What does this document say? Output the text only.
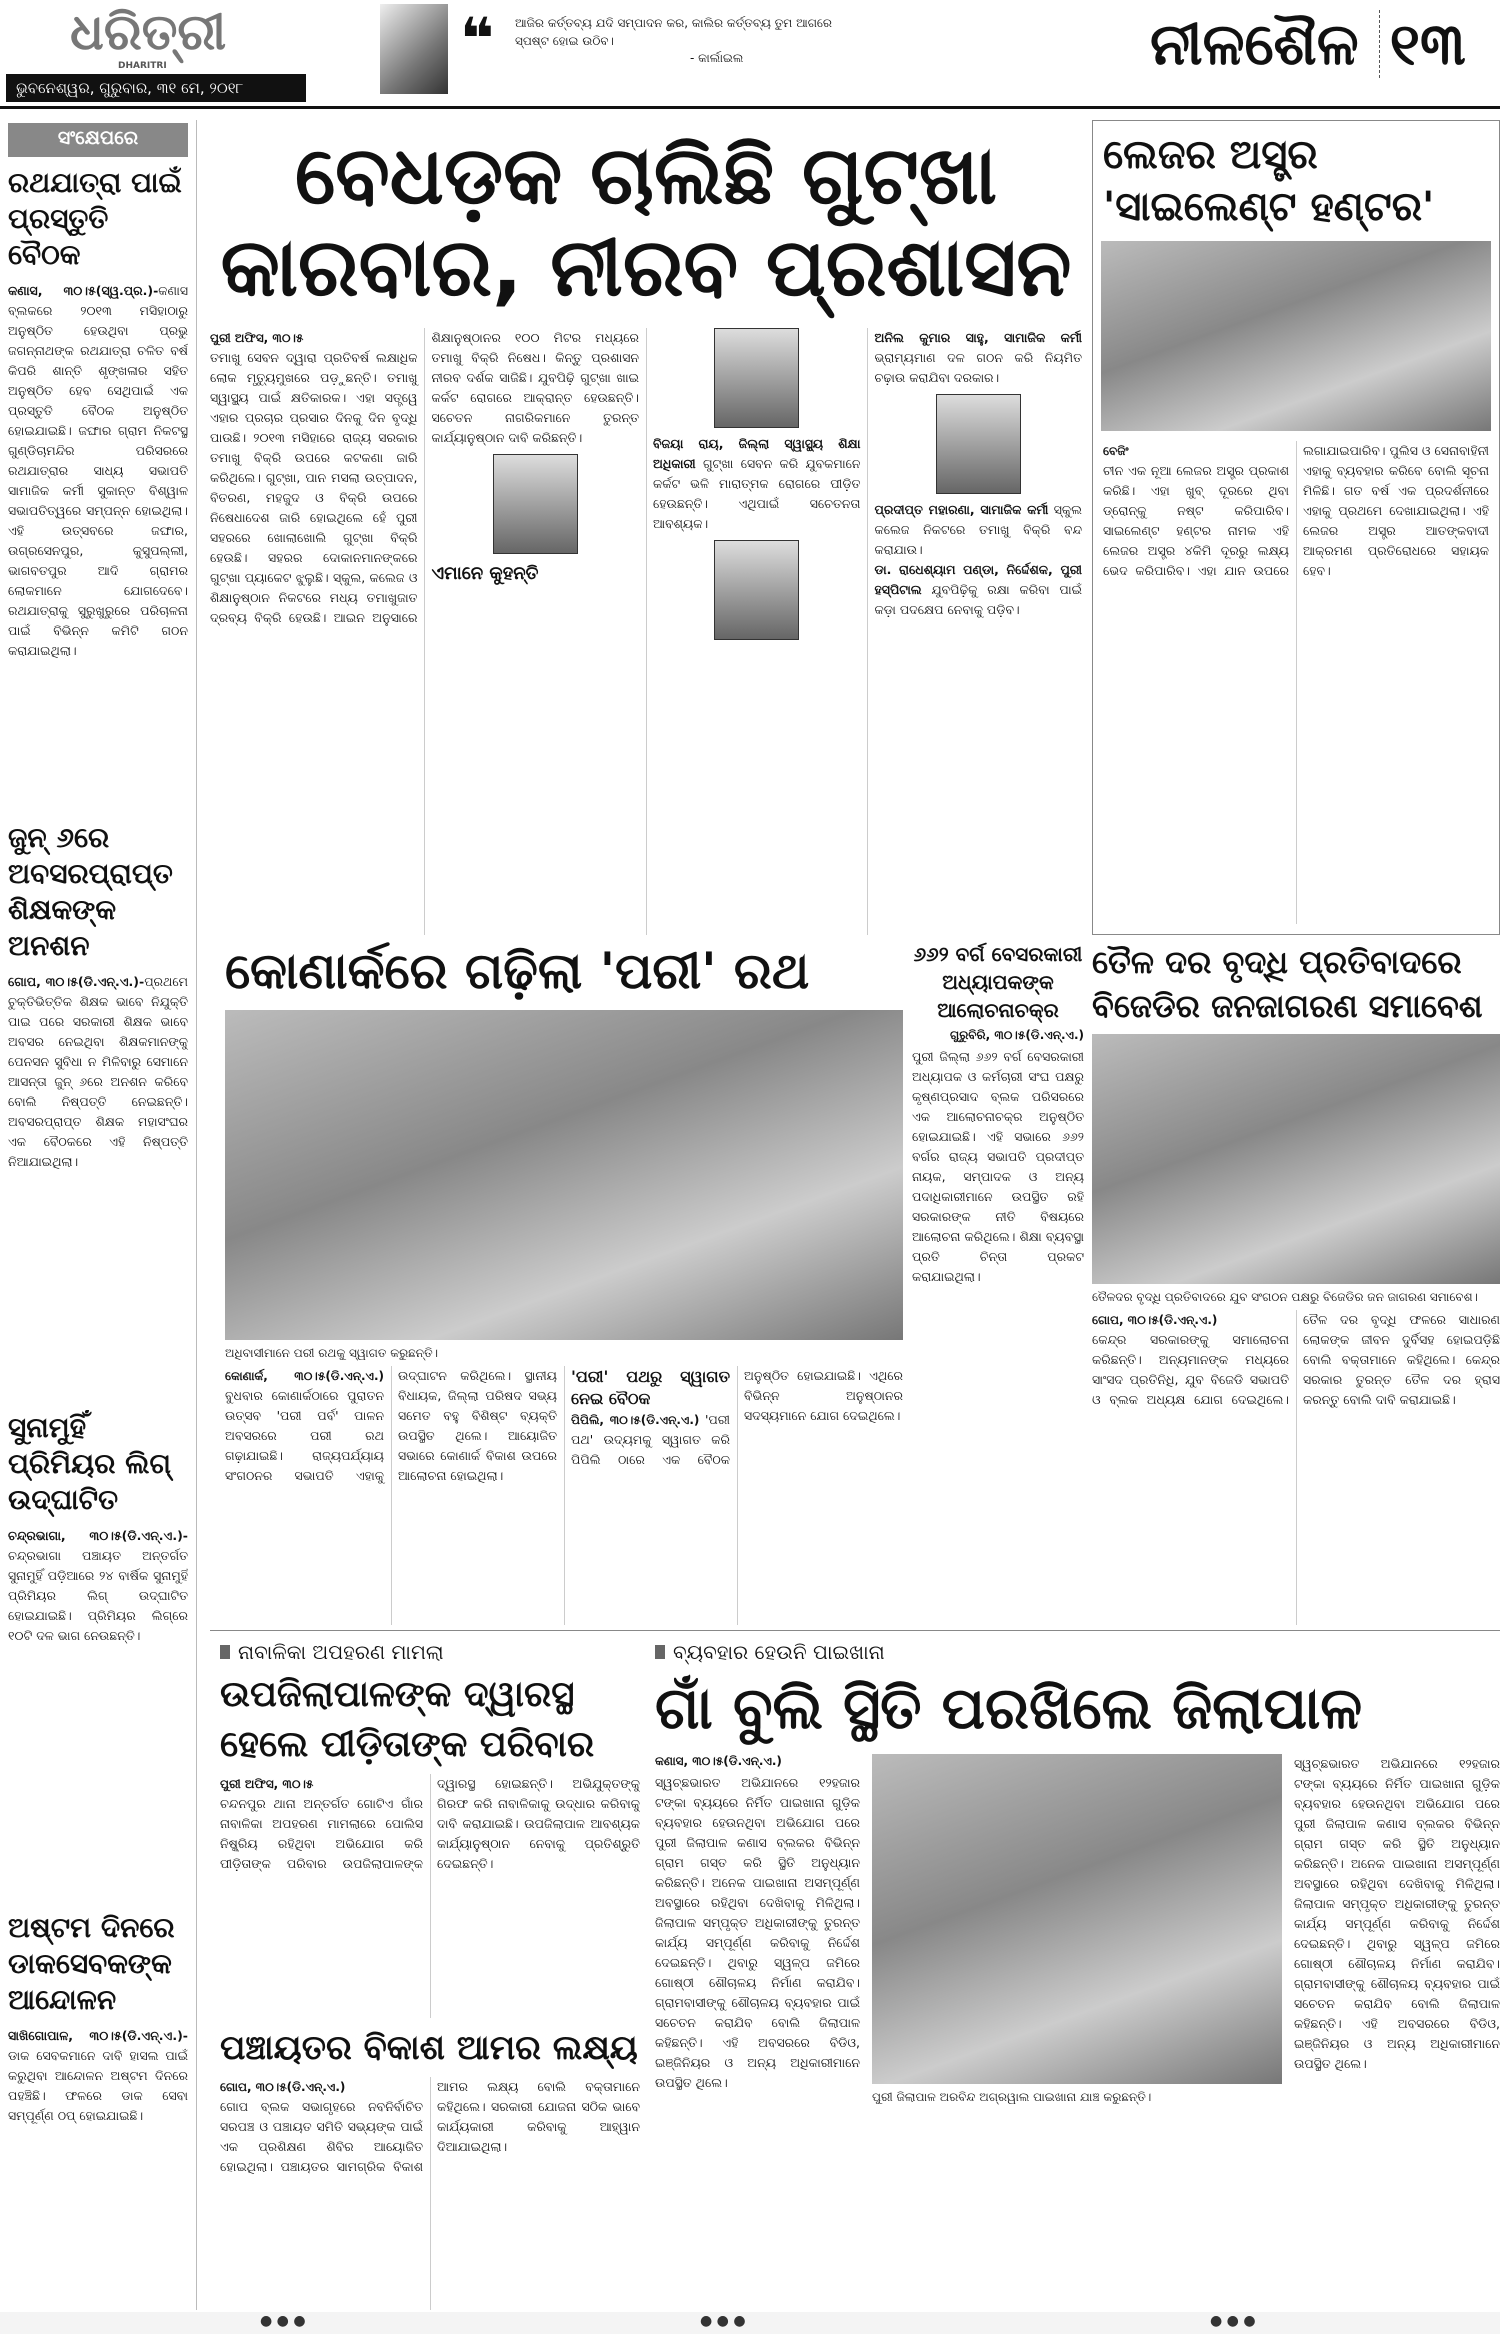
ଧରିତ୍ରୀ
DHARITRI
ଭୁବନେଶ୍ୱର, ଗୁରୁବାର, ୩୧ ମେ, ୨୦୧୮
❝ ଆଜିର କର୍ତ୍ତବ୍ୟ ଯଦି ସମ୍ପାଦନ କର, କାଲିର କର୍ତ୍ତବ୍ୟ ତୁମ ଆଗରେ ସ୍ପଷ୍ଟ ହୋଇ ଉଠିବ।
- କାର୍ଲାଇଲ	ନୀଳଶୈଳ ୧୩
ସଂକ୍ଷେପରେ
ରଥଯାତ୍ରା ପାଇଁ ପ୍ରସ୍ତୁତି ବୈଠକ
କଣାସ, ୩୦।୫(ସ୍ୱ.ପ୍ର.)-କଣାସ ବ୍ଲକରେ ୨୦୧୩ ମସିହାଠାରୁ ଅନୁଷ୍ଠିତ ହେଉଥିବା ପ୍ରଭୁ ଜଗନ୍ନାଥଙ୍କ ରଥଯାତ୍ରା ଚଳିତ ବର୍ଷ କିପରି ଶାନ୍ତି ଶୃଙ୍ଖଳାର ସହିତ ଅନୁଷ୍ଠିତ ହେବ ସେଥିପାଇଁ ଏକ ପ୍ରସ୍ତୁତି ବୈଠକ ଅନୁଷ୍ଠିତ ହୋଇଯାଇଛି। ଜଙ୍ଘାର ଗ୍ରାମ ନିକଟସ୍ଥ ଗୁଣ୍ଡିଚାମନ୍ଦିର ପରିସରରେ ରଥଯାତ୍ରାର ସାଧ୍ୟ ସଭାପତି ସାମାଜିକ କର୍ମୀ ସୁକାନ୍ତ ବିଶ୍ୱାଳ ସଭାପତିତ୍ୱରେ ସମ୍ପନ୍ନ ହୋଇଥିଲା। ଏହି ଉତ୍ସବରେ ଜଙ୍ଘାର, ଉଗ୍ରସେନପୁର, କୁସୁପଲ୍ଲୀ, ଭାଗବତପୁର ଆଦି ଗ୍ରାମର ଲୋକମାନେ ଯୋଗଦେବେ। ରଥଯାତ୍ରାକୁ ସୁରୁଖୁରୁରେ ପରିଚାଳନା ପାଇଁ ବିଭିନ୍ନ କମିଟି ଗଠନ କରାଯାଇଥିଲା।
ଜୁନ୍ ୬ରେ ଅବସରପ୍ରାପ୍ତ ଶିକ୍ଷକଙ୍କ ଅନଶନ
ଗୋପ, ୩୦।୫(ଡି.ଏନ୍.ଏ.)-ପ୍ରଥମେ ଚୁକ୍ତିଭିତ୍ତିକ ଶିକ୍ଷକ ଭାବେ ନିଯୁକ୍ତି ପାଇ ପରେ ସରକାରୀ ଶିକ୍ଷକ ଭାବେ ଅବସର ନେଇଥିବା ଶିକ୍ଷକମାନଙ୍କୁ ପେନସନ ସୁବିଧା ନ ମିଳିବାରୁ ସେମାନେ ଆସନ୍ତା ଜୁନ୍ ୬ରେ ଅନଶନ କରିବେ ବୋଲି ନିଷ୍ପତ୍ତି ନେଇଛନ୍ତି। ଅବସରପ୍ରାପ୍ତ ଶିକ୍ଷକ ମହାସଂଘର ଏକ ବୈଠକରେ ଏହି ନିଷ୍ପତ୍ତି ନିଆଯାଇଥିଲା।
ସୁନାମୁହିଁ ପ୍ରିମିୟର ଲିଗ୍ ଉଦ୍‌ଘାଟିତ
ଚନ୍ଦ୍ରଭାଗା, ୩୦।୫(ଡି.ଏନ୍.ଏ.)-ଚନ୍ଦ୍ରଭାଗା ପଞ୍ଚାୟତ ଅନ୍ତର୍ଗତ ସୁନାମୁହିଁ ପଡ଼ିଆରେ ୨୪ ବାର୍ଷିକ ସୁନାମୁହିଁ ପ୍ରିମିୟର ଲିଗ୍ ଉଦ୍‌ଘାଟିତ ହୋଇଯାଇଛି। ପ୍ରିମିୟର ଲିଗ୍‌ରେ ୧୦ଟି ଦଳ ଭାଗ ନେଉଛନ୍ତି।
ଅଷ୍ଟମ ଦିନରେ ଡାକସେବକଙ୍କ ଆନ୍ଦୋଳନ
ସାଖିଗୋପାଳ, ୩୦।୫(ଡି.ଏନ୍.ଏ.)-ଡାକ ସେବକମାନେ ଦାବି ହାସଲ ପାଇଁ କରୁଥିବା ଆନ୍ଦୋଳନ ଅଷ୍ଟମ ଦିନରେ ପହଞ୍ଚିଛି। ଫଳରେ ଡାକ ସେବା ସମ୍ପୂର୍ଣ୍ଣ ଠପ୍ ହୋଇଯାଇଛି।
ବେଧଡ଼କ ଚାଲିଛି ଗୁଟ୍‌ଖା କାରବାର, ନୀରବ ପ୍ରଶାସନ
ପୁରୀ ଅଫିସ, ୩୦।୫
ତମାଖୁ ସେବନ ଦ୍ୱାରା ପ୍ରତିବର୍ଷ ଲକ୍ଷାଧିକ ଲୋକ ମୃତ୍ୟୁମୁଖରେ ପଡ଼ୁଛନ୍ତି। ତମାଖୁ ସ୍ୱାସ୍ଥ୍ୟ ପାଇଁ କ୍ଷତିକାରକ। ଏହା ସତ୍ତ୍ୱେ ଏହାର ପ୍ରଚାର ପ୍ରସାର ଦିନକୁ ଦିନ ବୃଦ୍ଧି ପାଉଛି। ୨୦୧୩ ମସିହାରେ ରାଜ୍ୟ ସରକାର ତମାଖୁ ବିକ୍ରି ଉପରେ କଟକଣା ଜାରି କରିଥିଲେ। ଗୁଟ୍‌ଖା, ପାନ ମସଲା ଉତ୍ପାଦନ, ବିତରଣ, ମହଜୁଦ ଓ ବିକ୍ରି ଉପରେ ନିଷେଧାଦେଶ ଜାରି ହୋଇଥିଲେ ହେଁ ପୁରୀ ସହରରେ ଖୋଲାଖୋଲି ଗୁଟ୍‌ଖା ବିକ୍ରି ହେଉଛି। ସହରର ଦୋକାନମାନଙ୍କରେ ଗୁଟ୍‌ଖା ପ୍ୟାକେଟ ଝୁଲୁଛି। ସ୍କୁଲ, କଲେଜ ଓ ଶିକ୍ଷାନୁଷ୍ଠାନ ନିକଟରେ ମଧ୍ୟ ତମାଖୁଜାତ ଦ୍ରବ୍ୟ ବିକ୍ରି ହେଉଛି। ଆଇନ ଅନୁସାରେ ଶିକ୍ଷାନୁଷ୍ଠାନର ୧୦୦ ମିଟର ମଧ୍ୟରେ ତମାଖୁ ବିକ୍ରି ନିଷେଧ। କିନ୍ତୁ ପ୍ରଶାସନ ନୀରବ ଦର୍ଶକ ସାଜିଛି। ଯୁବପିଢ଼ି ଗୁଟ୍‌ଖା ଖାଇ କର୍କଟ ରୋଗରେ ଆକ୍ରାନ୍ତ ହେଉଛନ୍ତି। ସଚେତନ ନାଗରିକମାନେ ତୁରନ୍ତ କାର୍ଯ୍ୟାନୁଷ୍ଠାନ ଦାବି କରିଛନ୍ତି।
ଏମାନେ କୁହନ୍ତି
ବିଜୟା ରାୟ, ଜିଲ୍ଲା ସ୍ୱାସ୍ଥ୍ୟ ଶିକ୍ଷା ଅଧିକାରୀ ଗୁଟ୍‌ଖା ସେବନ କରି ଯୁବକମାନେ କର୍କଟ ଭଳି ମାରାତ୍ମକ ରୋଗରେ ପୀଡ଼ିତ ହେଉଛନ୍ତି। ଏଥିପାଇଁ ସଚେତନତା ଆବଶ୍ୟକ।
ଅନିଲ କୁମାର ସାହୁ, ସାମାଜିକ କର୍ମୀ ଭ୍ରାମ୍ୟମାଣ ଦଳ ଗଠନ କରି ନିୟମିତ ଚଢ଼ାଉ କରାଯିବା ଦରକାର।
ପ୍ରଦୀପ୍ତ ମହାରଣା, ସାମାଜିକ କର୍ମୀ ସ୍କୁଲ କଲେଜ ନିକଟରେ ତମାଖୁ ବିକ୍ରି ବନ୍ଦ କରାଯାଉ।
ଡା. ରାଧେଶ୍ୟାମ ପଣ୍ଡା, ନିର୍ଦ୍ଦେଶକ, ପୁରୀ ହସ୍ପିଟାଲ ଯୁବପିଢ଼ିକୁ ରକ୍ଷା କରିବା ପାଇଁ କଡ଼ା ପଦକ୍ଷେପ ନେବାକୁ ପଡ଼ିବ।
ଲେଜର ଅସ୍ତ୍ର 'ସାଇଲେଣ୍ଟ ହଣ୍ଟର'
ବେଜିଂ
ଚୀନ ଏକ ନୂଆ ଲେଜର ଅସ୍ତ୍ର ପ୍ରକାଶ କରିଛି। ଏହା ଖୁବ୍ ଦୂରରେ ଥିବା ଡ୍ରୋନ୍‌କୁ ନଷ୍ଟ କରିପାରିବ। ସାଇଲେଣ୍ଟ ହଣ୍ଟର ନାମକ ଏହି ଲେଜର ଅସ୍ତ୍ର ୪କିମି ଦୂରରୁ ଲକ୍ଷ୍ୟ ଭେଦ କରିପାରିବ। ଏହା ଯାନ ଉପରେ ଲଗାଯାଇପାରିବ। ପୁଲିସ ଓ ସେନାବାହିନୀ ଏହାକୁ ବ୍ୟବହାର କରିବେ ବୋଲି ସୂଚନା ମିଳିଛି। ଗତ ବର୍ଷ ଏକ ପ୍ରଦର୍ଶନୀରେ ଏହାକୁ ପ୍ରଥମେ ଦେଖାଯାଇଥିଲା। ଏହି ଲେଜର ଅସ୍ତ୍ର ଆତଙ୍କବାଦୀ ଆକ୍ରମଣ ପ୍ରତିରୋଧରେ ସହାୟକ ହେବ।
କୋଣାର୍କରେ ଗଢ଼ିଲା 'ପରୀ' ରଥ
ଅଧିବାସୀମାନେ ପରୀ ରଥକୁ ସ୍ୱାଗତ କରୁଛନ୍ତି।
କୋଣାର୍କ, ୩୦।୫(ଡି.ଏନ୍.ଏ.) ବୁଧବାର କୋଣାର୍କଠାରେ ପୁରାତନ ଉତ୍ସବ 'ପରୀ ପର୍ବ' ପାଳନ ଅବସରରେ ପରୀ ରଥ ଗଢ଼ାଯାଇଛି। ରାଜ୍ୟପର୍ଯ୍ୟାୟ ସଂଗଠନର ସଭାପତି ଏହାକୁ ଉଦ୍‌ଘାଟନ କରିଥିଲେ। ସ୍ଥାନୀୟ ବିଧାୟକ, ଜିଲ୍ଲା ପରିଷଦ ସଭ୍ୟ ସମେତ ବହୁ ବିଶିଷ୍ଟ ବ୍ୟକ୍ତି ଉପସ୍ଥିତ ଥିଲେ। ଆୟୋଜିତ ସଭାରେ କୋଣାର୍କ ବିକାଶ ଉପରେ ଆଲୋଚନା ହୋଇଥିଲା।
'ପରୀ' ପଥରୁ ସ୍ୱାଗତ ନେଇ ବୈଠକ
ପିପିଲି, ୩୦।୫(ଡି.ଏନ୍.ଏ.) 'ପରୀ ପଥ' ଉଦ୍ୟମକୁ ସ୍ୱାଗତ କରି ପିପିଲି ଠାରେ ଏକ ବୈଠକ ଅନୁଷ୍ଠିତ ହୋଇଯାଇଛି। ଏଥିରେ ବିଭିନ୍ନ ଅନୁଷ୍ଠାନର ସଦସ୍ୟମାନେ ଯୋଗ ଦେଇଥିଲେ।
୬୬୨ ବର୍ଗ ବେସରକାରୀ ଅଧ୍ୟାପକଙ୍କ ଆଲୋଚନାଚକ୍ର
ଗୁରୁବିରି, ୩୦।୫(ଡି.ଏନ୍.ଏ.)
ପୁରୀ ଜିଲ୍ଲା ୬୬୨ ବର୍ଗ ବେସରକାରୀ ଅଧ୍ୟାପକ ଓ କର୍ମଚାରୀ ସଂଘ ପକ୍ଷରୁ କୃଷ୍ଣପ୍ରସାଦ ବ୍ଲକ ପରିସରରେ ଏକ ଆଲୋଚନାଚକ୍ର ଅନୁଷ୍ଠିତ ହୋଇଯାଇଛି। ଏହି ସଭାରେ ୬୬୨ ବର୍ଗର ରାଜ୍ୟ ସଭାପତି ପ୍ରଦୀପ୍ତ ନାୟକ, ସମ୍ପାଦକ ଓ ଅନ୍ୟ ପଦାଧିକାରୀମାନେ ଉପସ୍ଥିତ ରହି ସରକାରଙ୍କ ନୀତି ବିଷୟରେ ଆଲୋଚନା କରିଥିଲେ। ଶିକ୍ଷା ବ୍ୟବସ୍ଥା ପ୍ରତି ଚିନ୍ତା ପ୍ରକଟ କରାଯାଇଥିଲା।
ତୈଳ ଦର ବୃଦ୍ଧି ପ୍ରତିବାଦରେ ବିଜେଡିର ଜନଜାଗରଣ ସମାବେଶ
ତୈଳଦର ବୃଦ୍ଧି ପ୍ରତିବାଦରେ ଯୁବ ସଂଗଠନ ପକ୍ଷରୁ ବିଜେଡିର ଜନ ଜାଗରଣ ସମାବେଶ।
ଗୋପ, ୩୦।୫(ଡି.ଏନ୍.ଏ.)
କେନ୍ଦ୍ର ସରକାରଙ୍କୁ ସମାଲୋଚନା କରିଛନ୍ତି। ଅନ୍ୟମାନଙ୍କ ମଧ୍ୟରେ ସାଂସଦ ପ୍ରତିନିଧି, ଯୁବ ବିଜେଡି ସଭାପତି ଓ ବ୍ଲକ ଅଧ୍ୟକ୍ଷ ଯୋଗ ଦେଇଥିଲେ। ତୈଳ ଦର ବୃଦ୍ଧି ଫଳରେ ସାଧାରଣ ଲୋକଙ୍କ ଜୀବନ ଦୁର୍ବିସହ ହୋଇପଡ଼ିଛି ବୋଲି ବକ୍ତାମାନେ କହିଥିଲେ। କେନ୍ଦ୍ର ସରକାର ତୁରନ୍ତ ତୈଳ ଦର ହ୍ରାସ କରନ୍ତୁ ବୋଲି ଦାବି କରାଯାଇଛି।
ନାବାଳିକା ଅପହରଣ ମାମଲା
ଉପଜିଲାପାଳଙ୍କ ଦ୍ୱାରସ୍ଥ ହେଲେ ପୀଡ଼ିତାଙ୍କ ପରିବାର
ପୁରୀ ଅଫିସ, ୩୦।୫
ଚନ୍ଦନପୁର ଥାନା ଅନ୍ତର୍ଗତ ଗୋଟିଏ ଗାଁର ନାବାଳିକା ଅପହରଣ ମାମଲାରେ ପୋଲିସ ନିଷ୍କ୍ରିୟ ରହିଥିବା ଅଭିଯୋଗ କରି ପୀଡ଼ିତାଙ୍କ ପରିବାର ଉପଜିଲାପାଳଙ୍କ ଦ୍ୱାରସ୍ଥ ହୋଇଛନ୍ତି। ଅଭିଯୁକ୍ତଙ୍କୁ ଗିରଫ କରି ନାବାଳିକାକୁ ଉଦ୍ଧାର କରିବାକୁ ଦାବି କରାଯାଇଛି। ଉପଜିଲାପାଳ ଆବଶ୍ୟକ କାର୍ଯ୍ୟାନୁଷ୍ଠାନ ନେବାକୁ ପ୍ରତିଶ୍ରୁତି ଦେଇଛନ୍ତି।
ପଞ୍ଚାୟତର ବିକାଶ ଆମର ଲକ୍ଷ୍ୟ
ଗୋପ, ୩୦।୫(ଡି.ଏନ୍.ଏ.)
ଗୋପ ବ୍ଲକ ସଭାଗୃହରେ ନବନିର୍ବାଚିତ ସରପଞ୍ଚ ଓ ପଞ୍ଚାୟତ ସମିତି ସଭ୍ୟଙ୍କ ପାଇଁ ଏକ ପ୍ରଶିକ୍ଷଣ ଶିବିର ଆୟୋଜିତ ହୋଇଥିଲା। ପଞ୍ଚାୟତର ସାମଗ୍ରିକ ବିକାଶ ଆମର ଲକ୍ଷ୍ୟ ବୋଲି ବକ୍ତାମାନେ କହିଥିଲେ। ସରକାରୀ ଯୋଜନା ସଠିକ ଭାବେ କାର୍ଯ୍ୟକାରୀ କରିବାକୁ ଆହ୍ୱାନ ଦିଆଯାଇଥିଲା।
ବ୍ୟବହାର ହେଉନି ପାଇଖାନା
ଗାଁ ବୁଲି ସ୍ଥିତି ପରଖିଲେ ଜିଲାପାଳ
କଣାସ, ୩୦।୫(ଡି.ଏନ୍.ଏ.)
ସ୍ୱଚ୍ଛଭାରତ ଅଭିଯାନରେ ୧୨ହଜାର ଟଙ୍କା ବ୍ୟୟରେ ନିର୍ମିତ ପାଇଖାନା ଗୁଡ଼ିକ ବ୍ୟବହାର ହେଉନଥିବା ଅଭିଯୋଗ ପରେ ପୁରୀ ଜିଲାପାଳ କଣାସ ବ୍ଲକର ବିଭିନ୍ନ ଗ୍ରାମ ଗସ୍ତ କରି ସ୍ଥିତି ଅନୁଧ୍ୟାନ କରିଛନ୍ତି। ଅନେକ ପାଇଖାନା ଅସମ୍ପୂର୍ଣ୍ଣ ଅବସ୍ଥାରେ ରହିଥିବା ଦେଖିବାକୁ ମିଳିଥିଲା। ଜିଲାପାଳ ସମ୍ପୃକ୍ତ ଅଧିକାରୀଙ୍କୁ ତୁରନ୍ତ କାର୍ଯ୍ୟ ସମ୍ପୂର୍ଣ୍ଣ କରିବାକୁ ନିର୍ଦ୍ଦେଶ ଦେଇଛନ୍ତି। ଥିବାରୁ ସ୍ୱଳ୍ପ ଜମିରେ ଗୋଷ୍ଠୀ ଶୌଚାଳୟ ନିର୍ମାଣ କରାଯିବ। ଗ୍ରାମବାସୀଙ୍କୁ ଶୌଚାଳୟ ବ୍ୟବହାର ପାଇଁ ସଚେତନ କରାଯିବ ବୋଲି ଜିଲାପାଳ କହିଛନ୍ତି। ଏହି ଅବସରରେ ବିଡିଓ, ଇଞ୍ଜିନିୟର ଓ ଅନ୍ୟ ଅଧିକାରୀମାନେ ଉପସ୍ଥିତ ଥିଲେ।
ପୁରୀ ଜିଲାପାଳ ଅରବିନ୍ଦ ଅଗ୍ରୱାଲ ପାଇଖାନା ଯାଞ୍ଚ କରୁଛନ୍ତି।
ସ୍ୱଚ୍ଛଭାରତ ଅଭିଯାନରେ ୧୨ହଜାର ଟଙ୍କା ବ୍ୟୟରେ ନିର୍ମିତ ପାଇଖାନା ଗୁଡ଼ିକ ବ୍ୟବହାର ହେଉନଥିବା ଅଭିଯୋଗ ପରେ ପୁରୀ ଜିଲାପାଳ କଣାସ ବ୍ଲକର ବିଭିନ୍ନ ଗ୍ରାମ ଗସ୍ତ କରି ସ୍ଥିତି ଅନୁଧ୍ୟାନ କରିଛନ୍ତି। ଅନେକ ପାଇଖାନା ଅସମ୍ପୂର୍ଣ୍ଣ ଅବସ୍ଥାରେ ରହିଥିବା ଦେଖିବାକୁ ମିଳିଥିଲା। ଜିଲାପାଳ ସମ୍ପୃକ୍ତ ଅଧିକାରୀଙ୍କୁ ତୁରନ୍ତ କାର୍ଯ୍ୟ ସମ୍ପୂର୍ଣ୍ଣ କରିବାକୁ ନିର୍ଦ୍ଦେଶ ଦେଇଛନ୍ତି। ଥିବାରୁ ସ୍ୱଳ୍ପ ଜମିରେ ଗୋଷ୍ଠୀ ଶୌଚାଳୟ ନିର୍ମାଣ କରାଯିବ। ଗ୍ରାମବାସୀଙ୍କୁ ଶୌଚାଳୟ ବ୍ୟବହାର ପାଇଁ ସଚେତନ କରାଯିବ ବୋଲି ଜିଲାପାଳ କହିଛନ୍ତି। ଏହି ଅବସରରେ ବିଡିଓ, ଇଞ୍ଜିନିୟର ଓ ଅନ୍ୟ ଅଧିକାରୀମାନେ ଉପସ୍ଥିତ ଥିଲେ।
● ● ●	● ● ●	● ● ●
